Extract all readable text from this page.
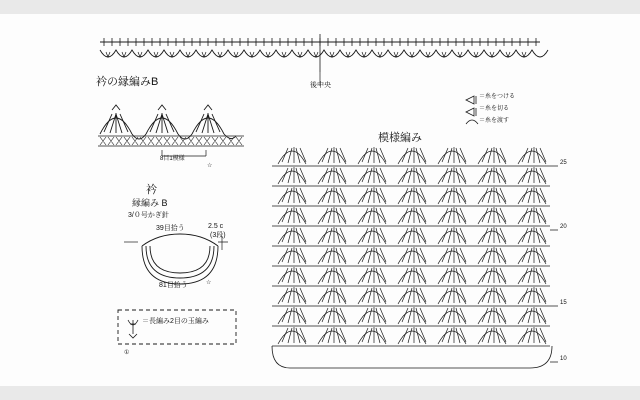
後中央
衿の縁編みB
8目1模様
☆
衿
縁編み B
3/０号かぎ針
39目拾う	2.5 c
(3段)
81目拾う	☆
模様編み
＝糸をつける
＝糸を切る
＝糸を渡す
＝長編み2目の玉編み
①
25
20
15
10
